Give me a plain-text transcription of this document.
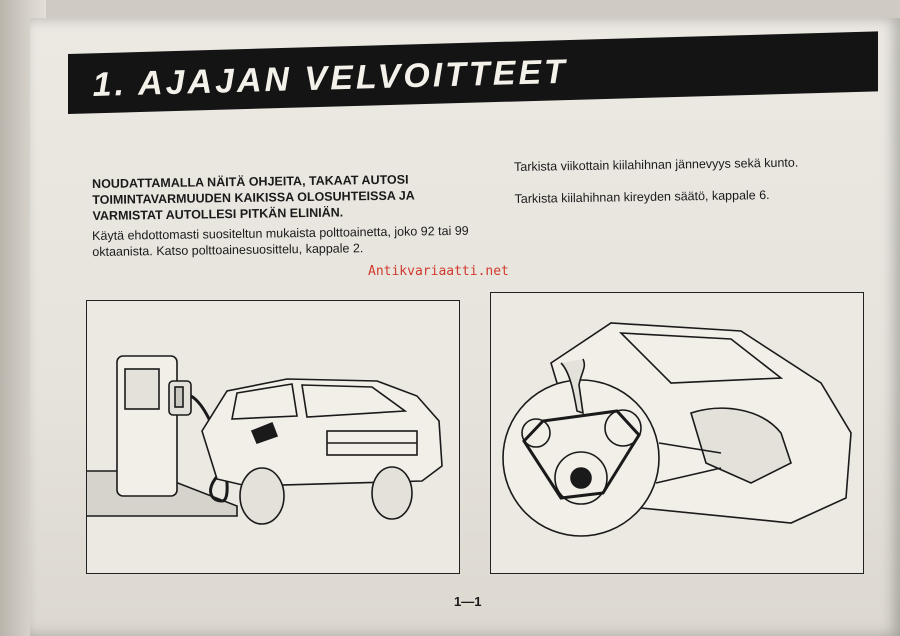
1. AJAJAN VELVOITTEET
NOUDATTAMALLA NÄITÄ OHJEITA, TAKAAT AUTOSI TOIMINTAVARMUUDEN KAIKISSA OLOSUHTEISSA JA VARMISTAT AUTOLLESI PITKÄN ELINIÄN.
Käytä ehdottomasti suositeltun mukaista polttoainetta, joko 92 tai 99 oktaanista. Katso polttoainesuosittelu, kappale 2.

Tarkista viikottain kiilahihnan jännevyys sekä kunto.

Tarkista kiilahihnan kireyden säätö, kappale 6.

Antikvariaatti.net
1—1
